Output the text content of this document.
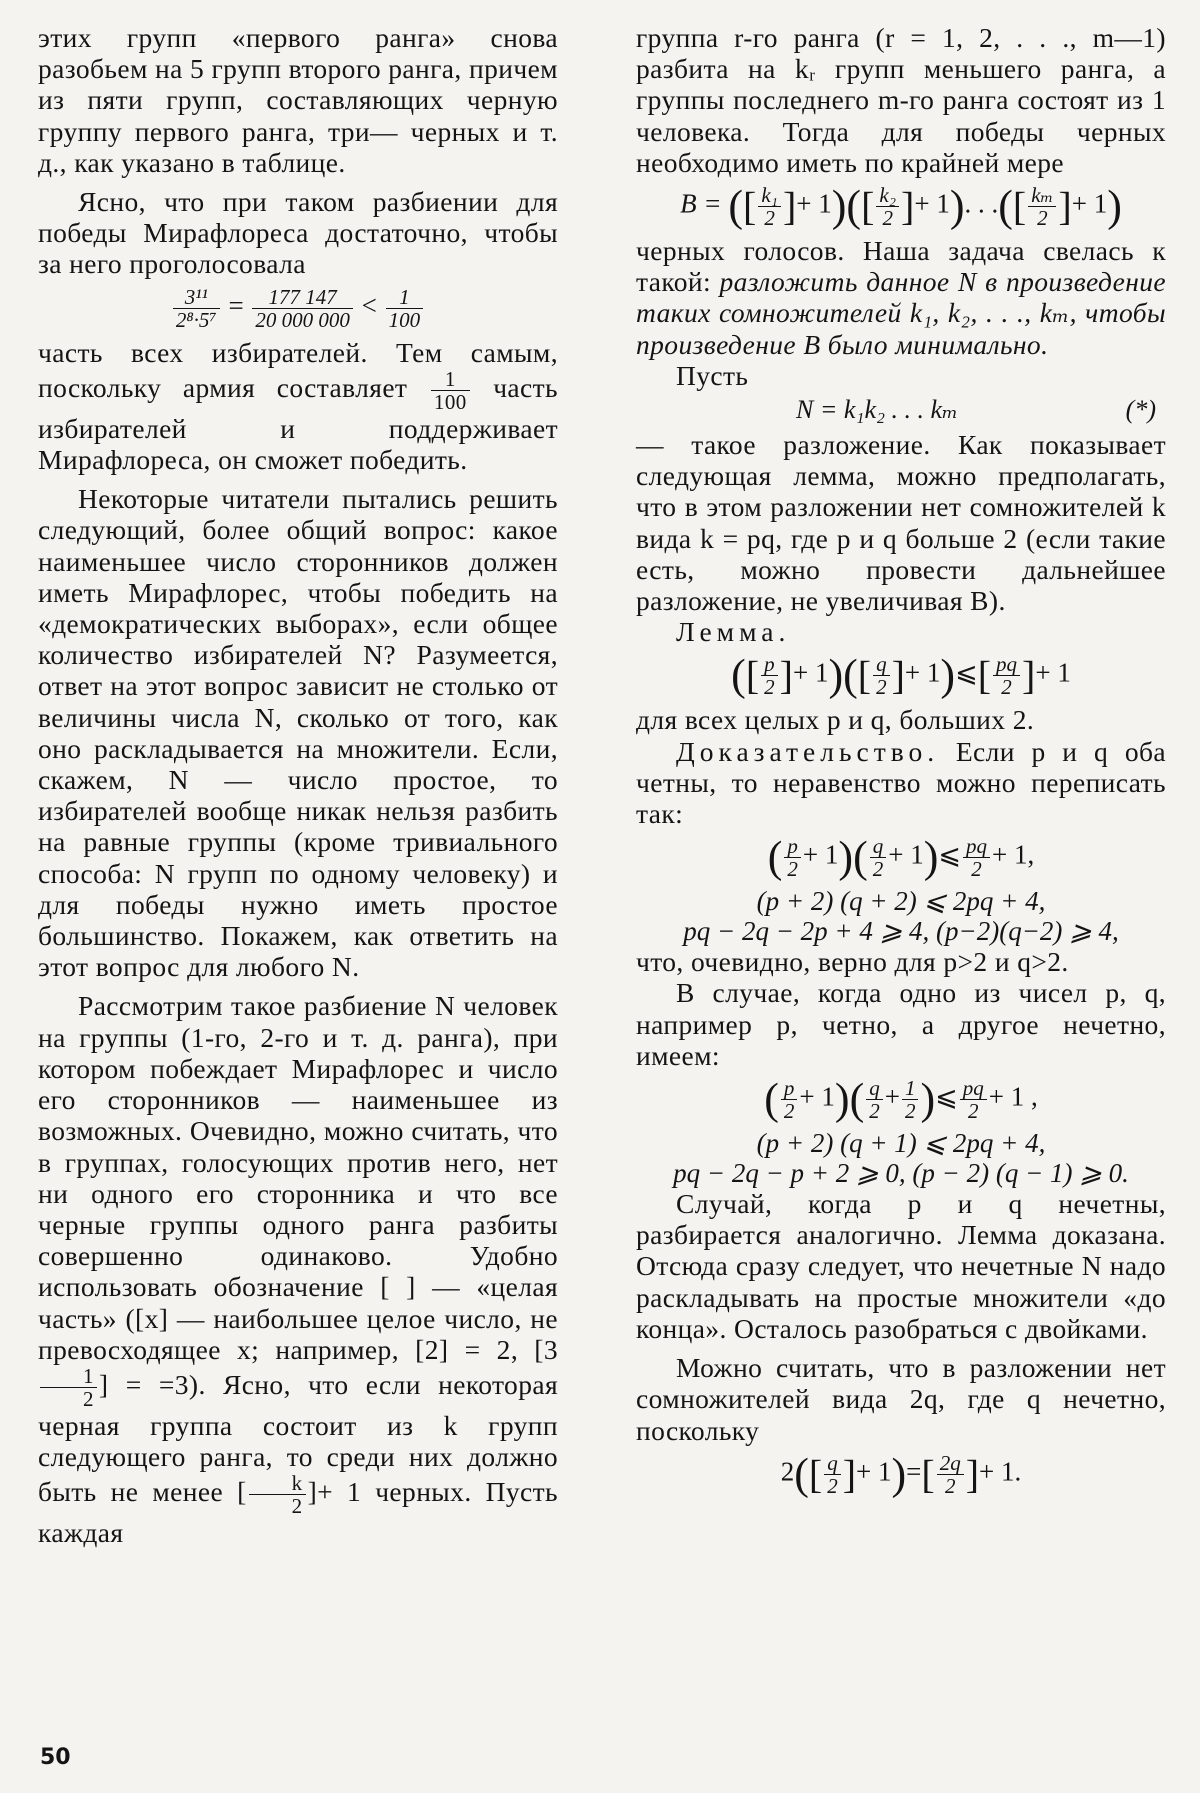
этих групп «первого ранга» снова разобьем на 5 групп второго ранга, причем из пяти групп, составляющих черную группу первого ранга, три— черных и т. д., как указано в таблице.

Ясно, что при таком разбиении для победы Мирафлореса достаточно, чтобы за него проголосовала

$\frac{\text{3¹¹}}{\text{2⁸·5⁷}} = \frac{177 147}{20 000 000} < \frac{1}{100}$

часть всех избирателей. Тем самым, поскольку армия составляет $\frac{1}{100}$ часть избирателей и поддерживает Мирафлореса, он сможет победить.

Некоторые читатели пытались решить следующий, более общий вопрос: какое наименьшее число сторонников должен иметь Мирафлорес, чтобы победить на «демократических выборах», если общее количество избирателей N? Разумеется, ответ на этот вопрос зависит не столько от величины числа N, сколько от того, как оно раскладывается на множители. Если, скажем, N — число простое, то избирателей вообще никак нельзя разбить на равные группы (кроме тривиального способа: N групп по одному человеку) и для победы нужно иметь простое большинство. Покажем, как ответить на этот вопрос для любого N.

Рассмотрим такое разбиение N человек на группы (1-го, 2-го и т. д. ранга), при котором побеждает Мирафлорес и число его сторонников — наименьшее из возможных. Очевидно, можно считать, что в группах, голосующих против него, нет ни одного его сторонника и что все черные группы одного ранга разбиты совершенно одинаково. Удобно использовать обозначение [ ] — «целая часть» ([x] — наибольшее целое число, не превосходящее x; например, [2] = 2, [3
$\frac{1}{2}$ ] = =3). Ясно, что если некоторая черная группа состоит из k групп следующего ранга, то среди них должно быть не менее [ $\frac{k}{2}$ ]+ 1 черных. Пусть каждая

группа r-го ранга (r = 1, 2, . . ., m—1) разбита на kᵣ групп меньшего ранга, а группы последнего m-го ранга состоят из 1 человека. Тогда для победы черных необходимо иметь по крайней мере

B = ([ $\frac{\text{k₁}}{2}$ ]+ $1)([ \frac{\text{k₂}}{2}$ ]+ 1). . .([ $\frac{\text{kₘ}}{2}$ ]+ 1)

черных голосов. Наша задача свелась к такой: разложить данное N в произведение таких сомножителей k₁, k₂, . . ., kₘ, чтобы произведение B было минимально.

Пусть

N = k₁k₂ . . . kₘ	(*)

— такое разложение. Как показывает следующая лемма, можно предполагать, что в этом разложении нет сомножителей k вида k = pq, где p и q больше 2 (если такие есть, можно провести дальнейшее разложение, не увеличивая B).

Лемма.

([ $\frac{p}{2}$ ]+ $1)([ \frac{q}{2}$ ]+ 1)⩽[ $\frac{pq}{2}$ ]+ 1

для всех целых p и q, больших 2.

Доказательство. Если p и q оба четны, то неравенство можно переписать так:

( $\frac{p}{2} + 1)( \frac{q}{2}$ + 1)⩽ $\frac{pq}{2} + 1$,
(p + 2) (q + 2) ⩽ 2pq + 4,
pq − 2q − 2p + 4 ⩾ 4, (p−2)(q−2) ⩾ 4,

что, очевидно, верно для p>2 и q>2.

В случае, когда одно из чисел p, q, например p, четно, а другое нечетно, имеем:

( $\frac{p}{2} + 1)( \frac{q}{2} + \frac{1}{2}$ )⩽ $\frac{pq}{2} + 1$ ,
(p + 2) (q + 1) ⩽ 2pq + 4,
pq − 2q − p + 2 ⩾ 0, (p − 2) (q − 1) ⩾ 0.

Случай, когда p и q нечетны, разбирается аналогично. Лемма доказана. Отсюда сразу следует, что нечетные N надо раскладывать на простые множители «до конца». Осталось разобраться с двойками.

Можно считать, что в разложении нет сомножителей вида 2q, где q нечетно, поскольку

$2([ \frac{q}{2}$ ]+ $1)=[ \frac{2q}{2}$ ]+ 1.
50
